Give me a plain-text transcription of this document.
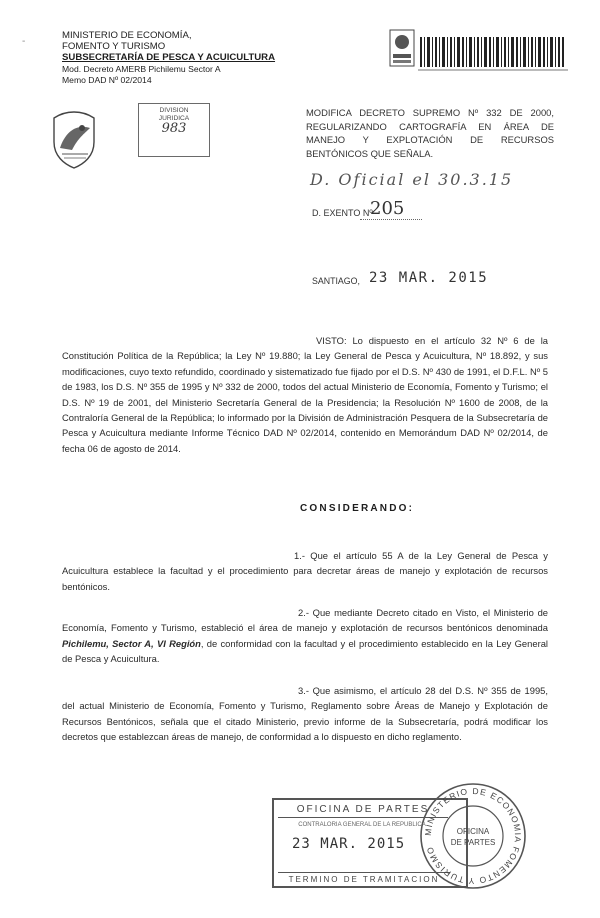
-
MINISTERIO DE ECONOMÍA,
FOMENTO Y TURISMO
SUBSECRETARÍA DE PESCA Y ACUICULTURA
Mod. Decreto AMERB Pichilemu Sector A
Memo DAD Nº 02/2014
DIVISION
JURIDICA
983
MODIFICA DECRETO SUPREMO Nº 332 DE 2000, REGULARIZANDO CARTOGRAFÍA EN ÁREA DE MANEJO Y EXPLOTACIÓN DE RECURSOS BENTÓNICOS QUE SEÑALA.
D. Oficial el 30.3.15
D. EXENTO Nº
205
SANTIAGO, 23 MAR. 2015
VISTO: Lo dispuesto en el artículo 32 Nº 6 de la Constitución Política de la República; la Ley Nº 19.880; la Ley General de Pesca y Acuicultura, Nº 18.892, y sus modificaciones, cuyo texto refundido, coordinado y sistematizado fue fijado por el D.S. Nº 430 de 1991, el D.F.L. Nº 5 de 1983, los D.S. Nº 355 de 1995 y Nº 332 de 2000, todos del actual Ministerio de Economía, Fomento y Turismo; el D.S. Nº 19 de 2001, del Ministerio Secretaría General de la Presidencia; la Resolución Nº 1600 de 2008, de la Contraloría General de la República; lo informado por la División de Administración Pesquera de la Subsecretaría de Pesca y Acuicultura mediante Informe Técnico DAD Nº 02/2014, contenido en Memorándum DAD Nº 02/2014, de fecha 06 de agosto de 2014.
CONSIDERANDO:
1.- Que el artículo 55 A de la Ley General de Pesca y Acuicultura establece la facultad y el procedimiento para decretar áreas de manejo y explotación de recursos bentónicos.
2.- Que mediante Decreto citado en Visto, el Ministerio de Economía, Fomento y Turismo, estableció el área de manejo y explotación de recursos bentónicos denominada Pichilemu, Sector A, VI Región, de conformidad con la facultad y el procedimiento establecido en la Ley General de Pesca y Acuicultura.
3.- Que asimismo, el artículo 28 del D.S. Nº 355 de 1995, del actual Ministerio de Economía, Fomento y Turismo, Reglamento sobre Áreas de Manejo y Explotación de Recursos Bentónicos, señala que el citado Ministerio, previo informe de la Subsecretaría, podrá modificar los decretos que establezcan áreas de manejo, de conformidad a lo dispuesto en dicho reglamento.
OFICINA DE PARTES
CONTRALORIA GENERAL DE LA REPUBLICA
23 MAR. 2015
TERMINO DE TRAMITACION
MINISTERIO DE ECONOMIA FOMENTO Y TURISMO
OFICINA
DE PARTES
